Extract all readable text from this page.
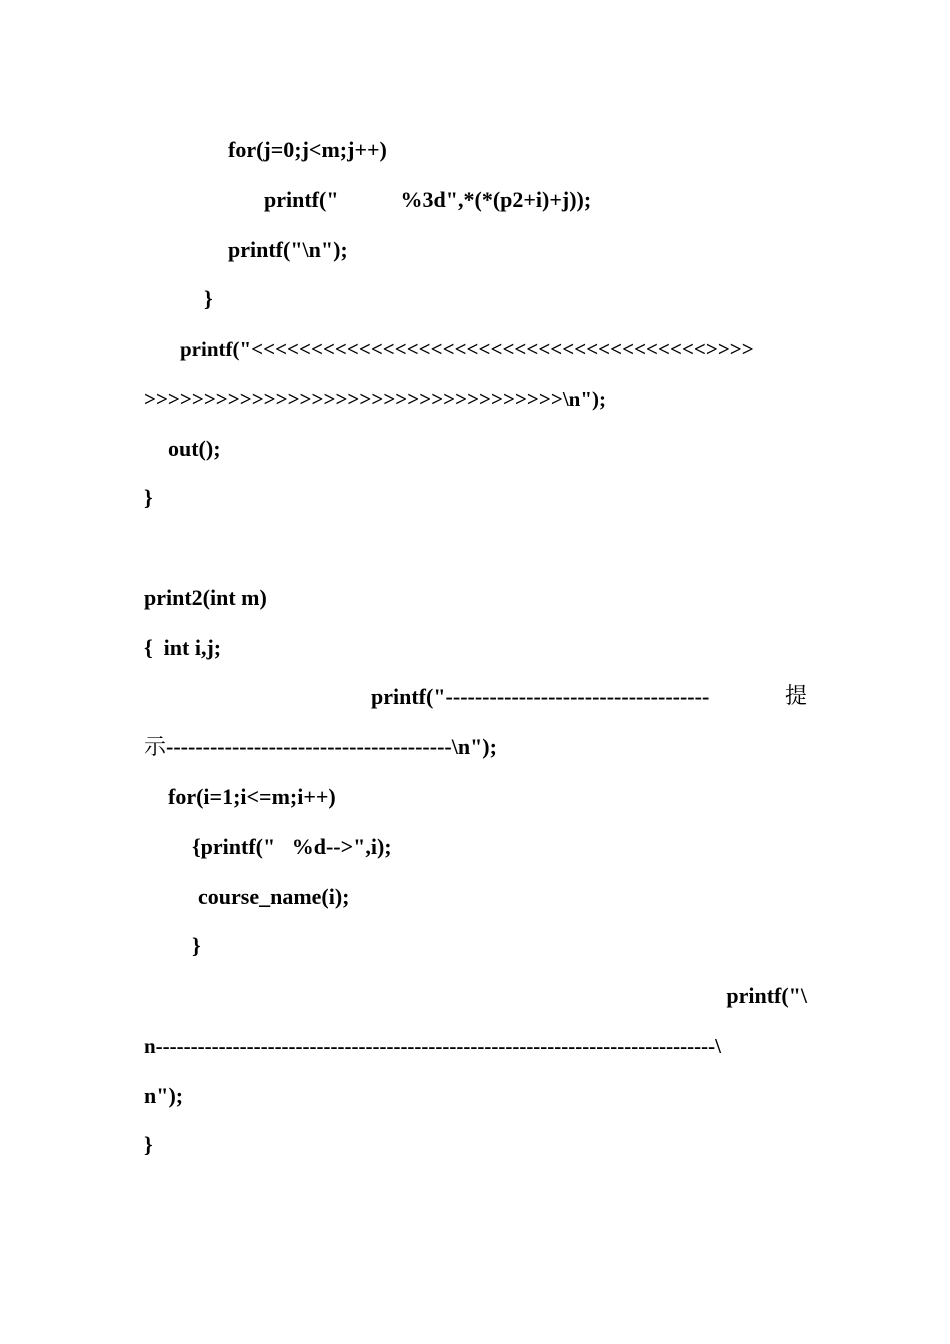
for(j=0;j<m;j++)

printf("	%3d",*(*(p2+i)+j));

printf("\n");

}

printf("<<<<<<<<<<<<<<<<<<<<<<<<<<<<<<<<<<<<<<>>>>

>>>>>>>>>>>>>>>>>>>>>>>>>>>>>>>>>>>\n");

out();

}

print2(int m)

{  int i,j;

printf("------------------------------------	提

示---------------------------------------\n");

for(i=1;i<=m;i++)

{printf("   %d-->",i);

course_name(i);

}

printf("\

n--------------------------------------------------------------------------------\

n");

}
